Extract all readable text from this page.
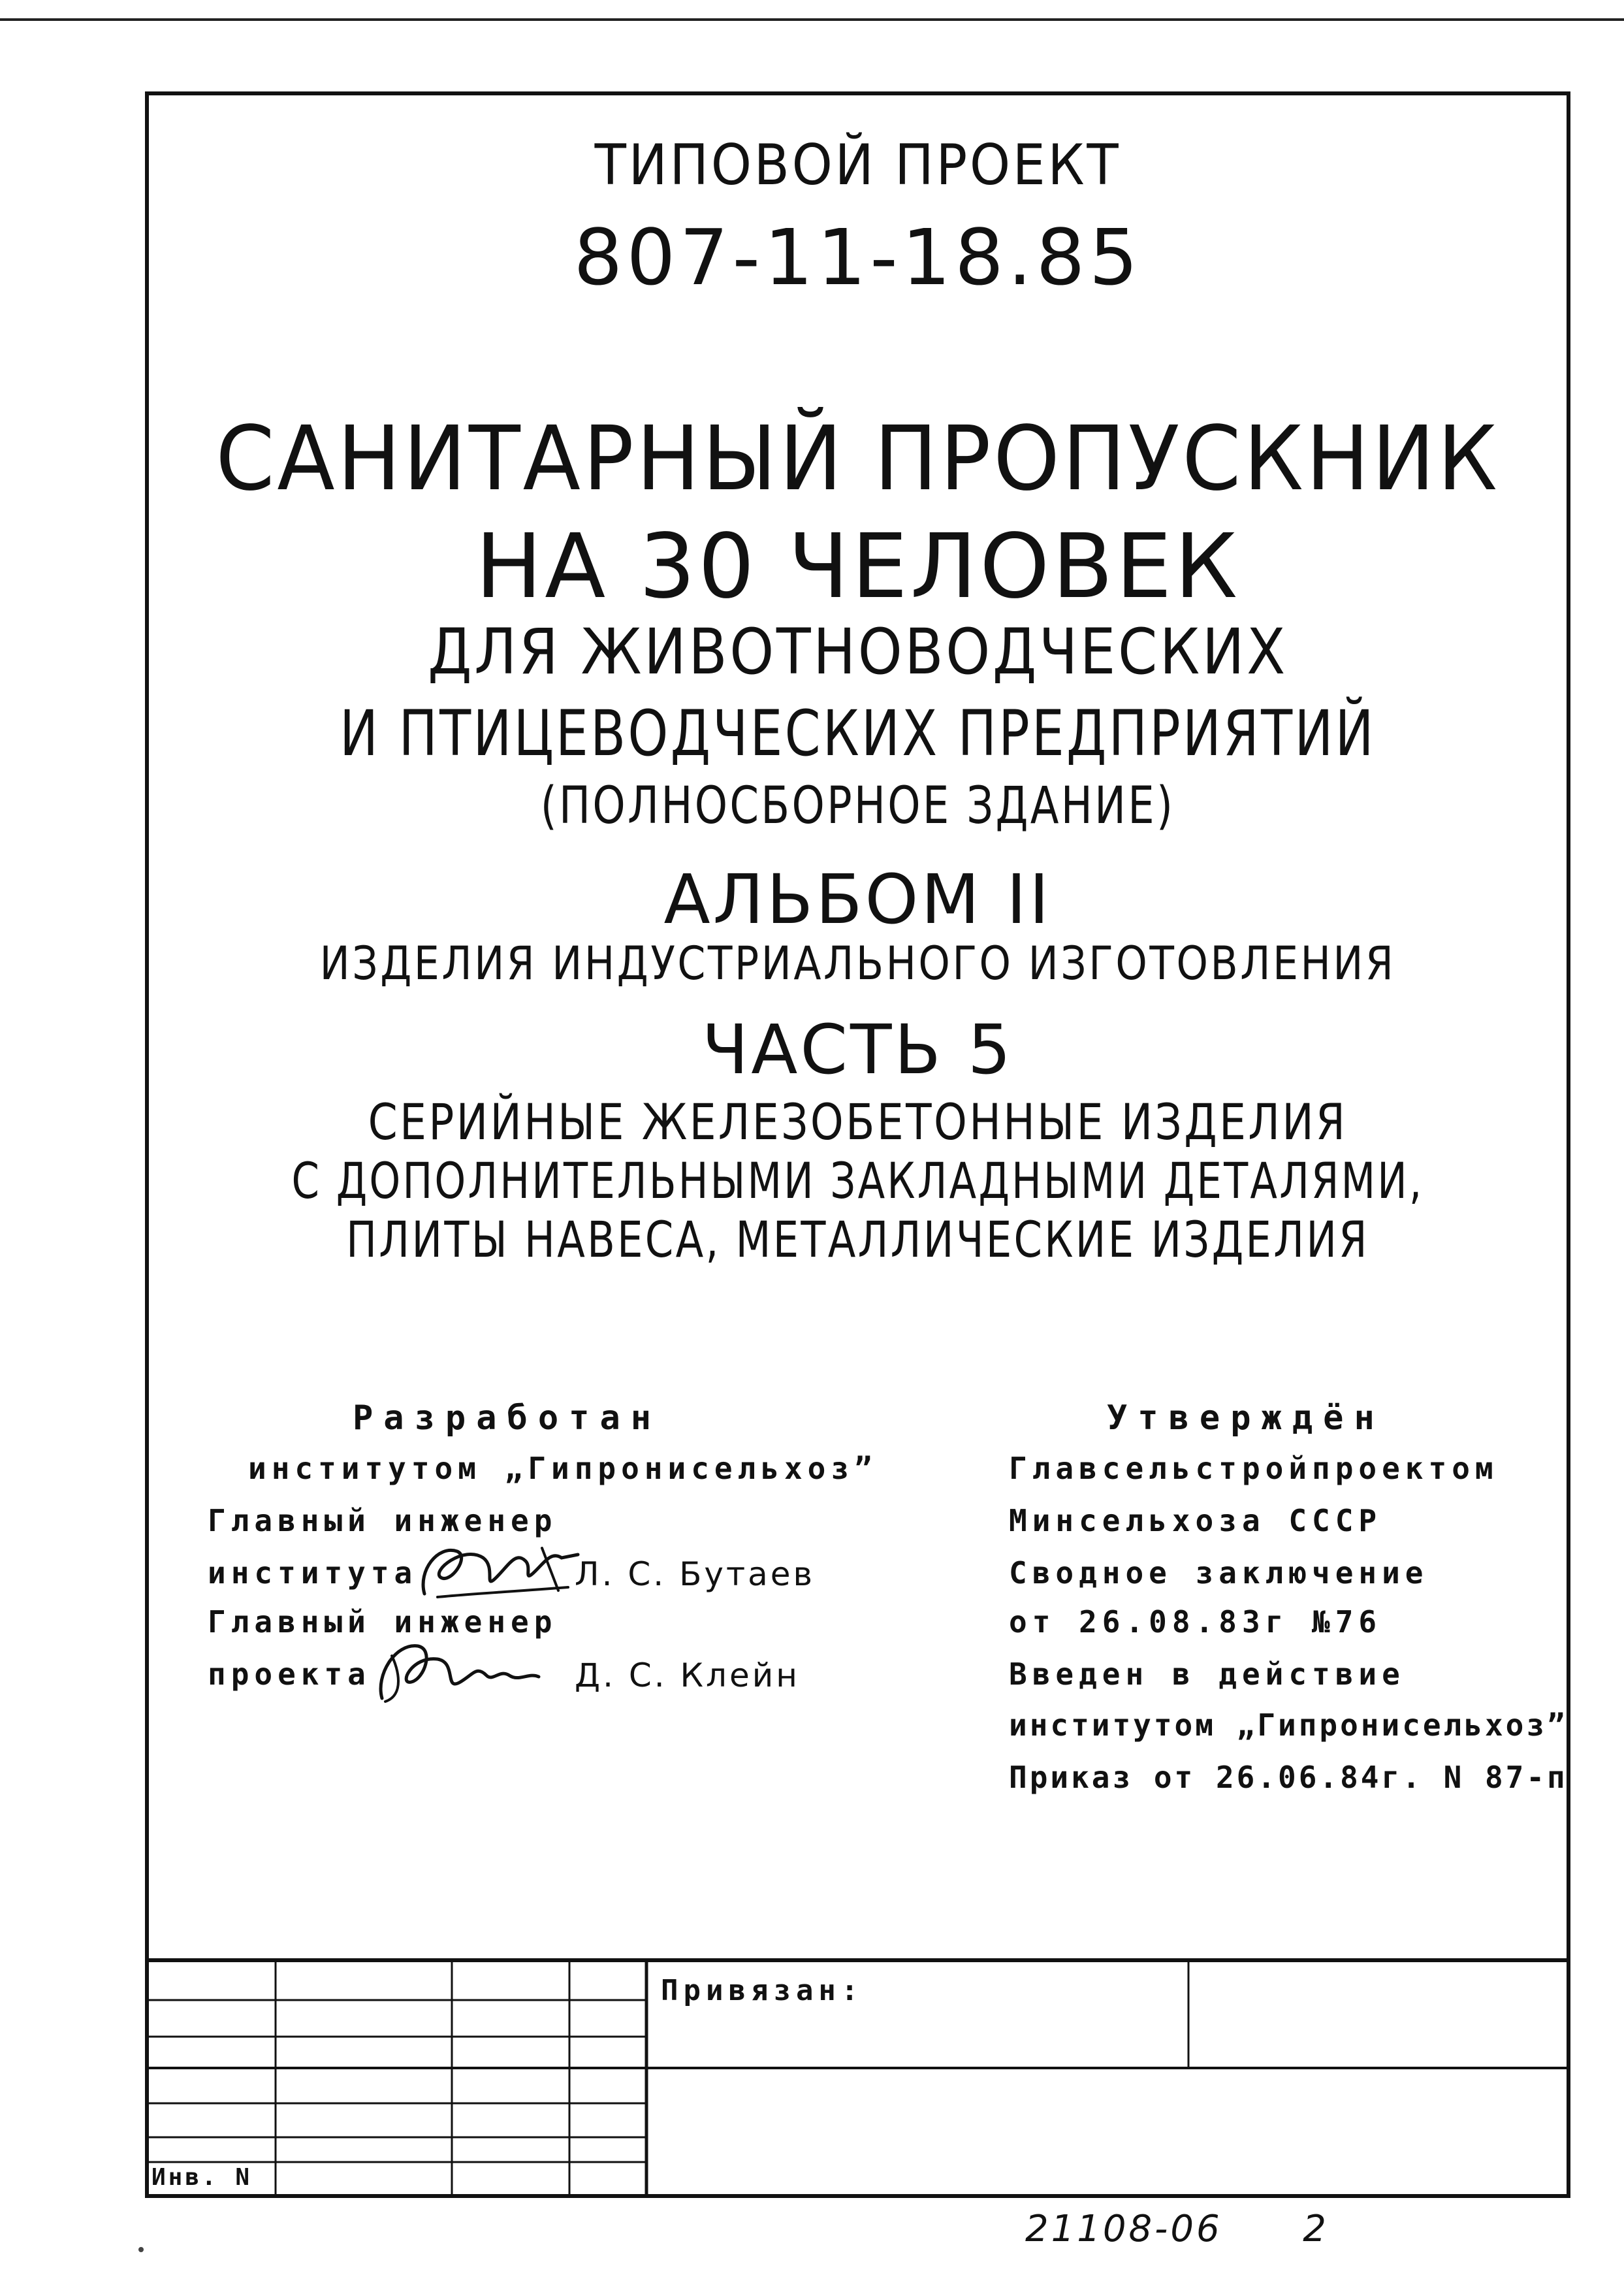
ТИПОВОЙ ПРОЕКТ
807-11-18.85
САНИТАРНЫЙ ПРОПУСКНИК
НА 30 ЧЕЛОВЕК
ДЛЯ ЖИВОТНОВОДЧЕСКИХ
И ПТИЦЕВОДЧЕСКИХ ПРЕДПРИЯТИЙ
(ПОЛНОСБОРНОЕ ЗДАНИЕ)
АЛЬБОМ II
ИЗДЕЛИЯ ИНДУСТРИАЛЬНОГО ИЗГОТОВЛЕНИЯ
ЧАСТЬ 5
СЕРИЙНЫЕ ЖЕЛЕЗОБЕТОННЫЕ ИЗДЕЛИЯ
С ДОПОЛНИТЕЛЬНЫМИ ЗАКЛАДНЫМИ ДЕТАЛЯМИ,
ПЛИТЫ НАВЕСА, МЕТАЛЛИЧЕСКИЕ ИЗДЕЛИЯ
Разработан
институтом „Гипронисельхоз”
Главный инженер
института	Л. С. Бутаев
Главный инженер
проекта	Д. С. Клейн
Утверждён
Главсельстройпроектом
Минсельхоза СССР
Сводное заключение
от 26.08.83г №76
Введен в действие
институтом „Гипронисельхоз”
Приказ от 26.06.84г. N 87-п
Привязан:
Инв. N
21108-06 2
